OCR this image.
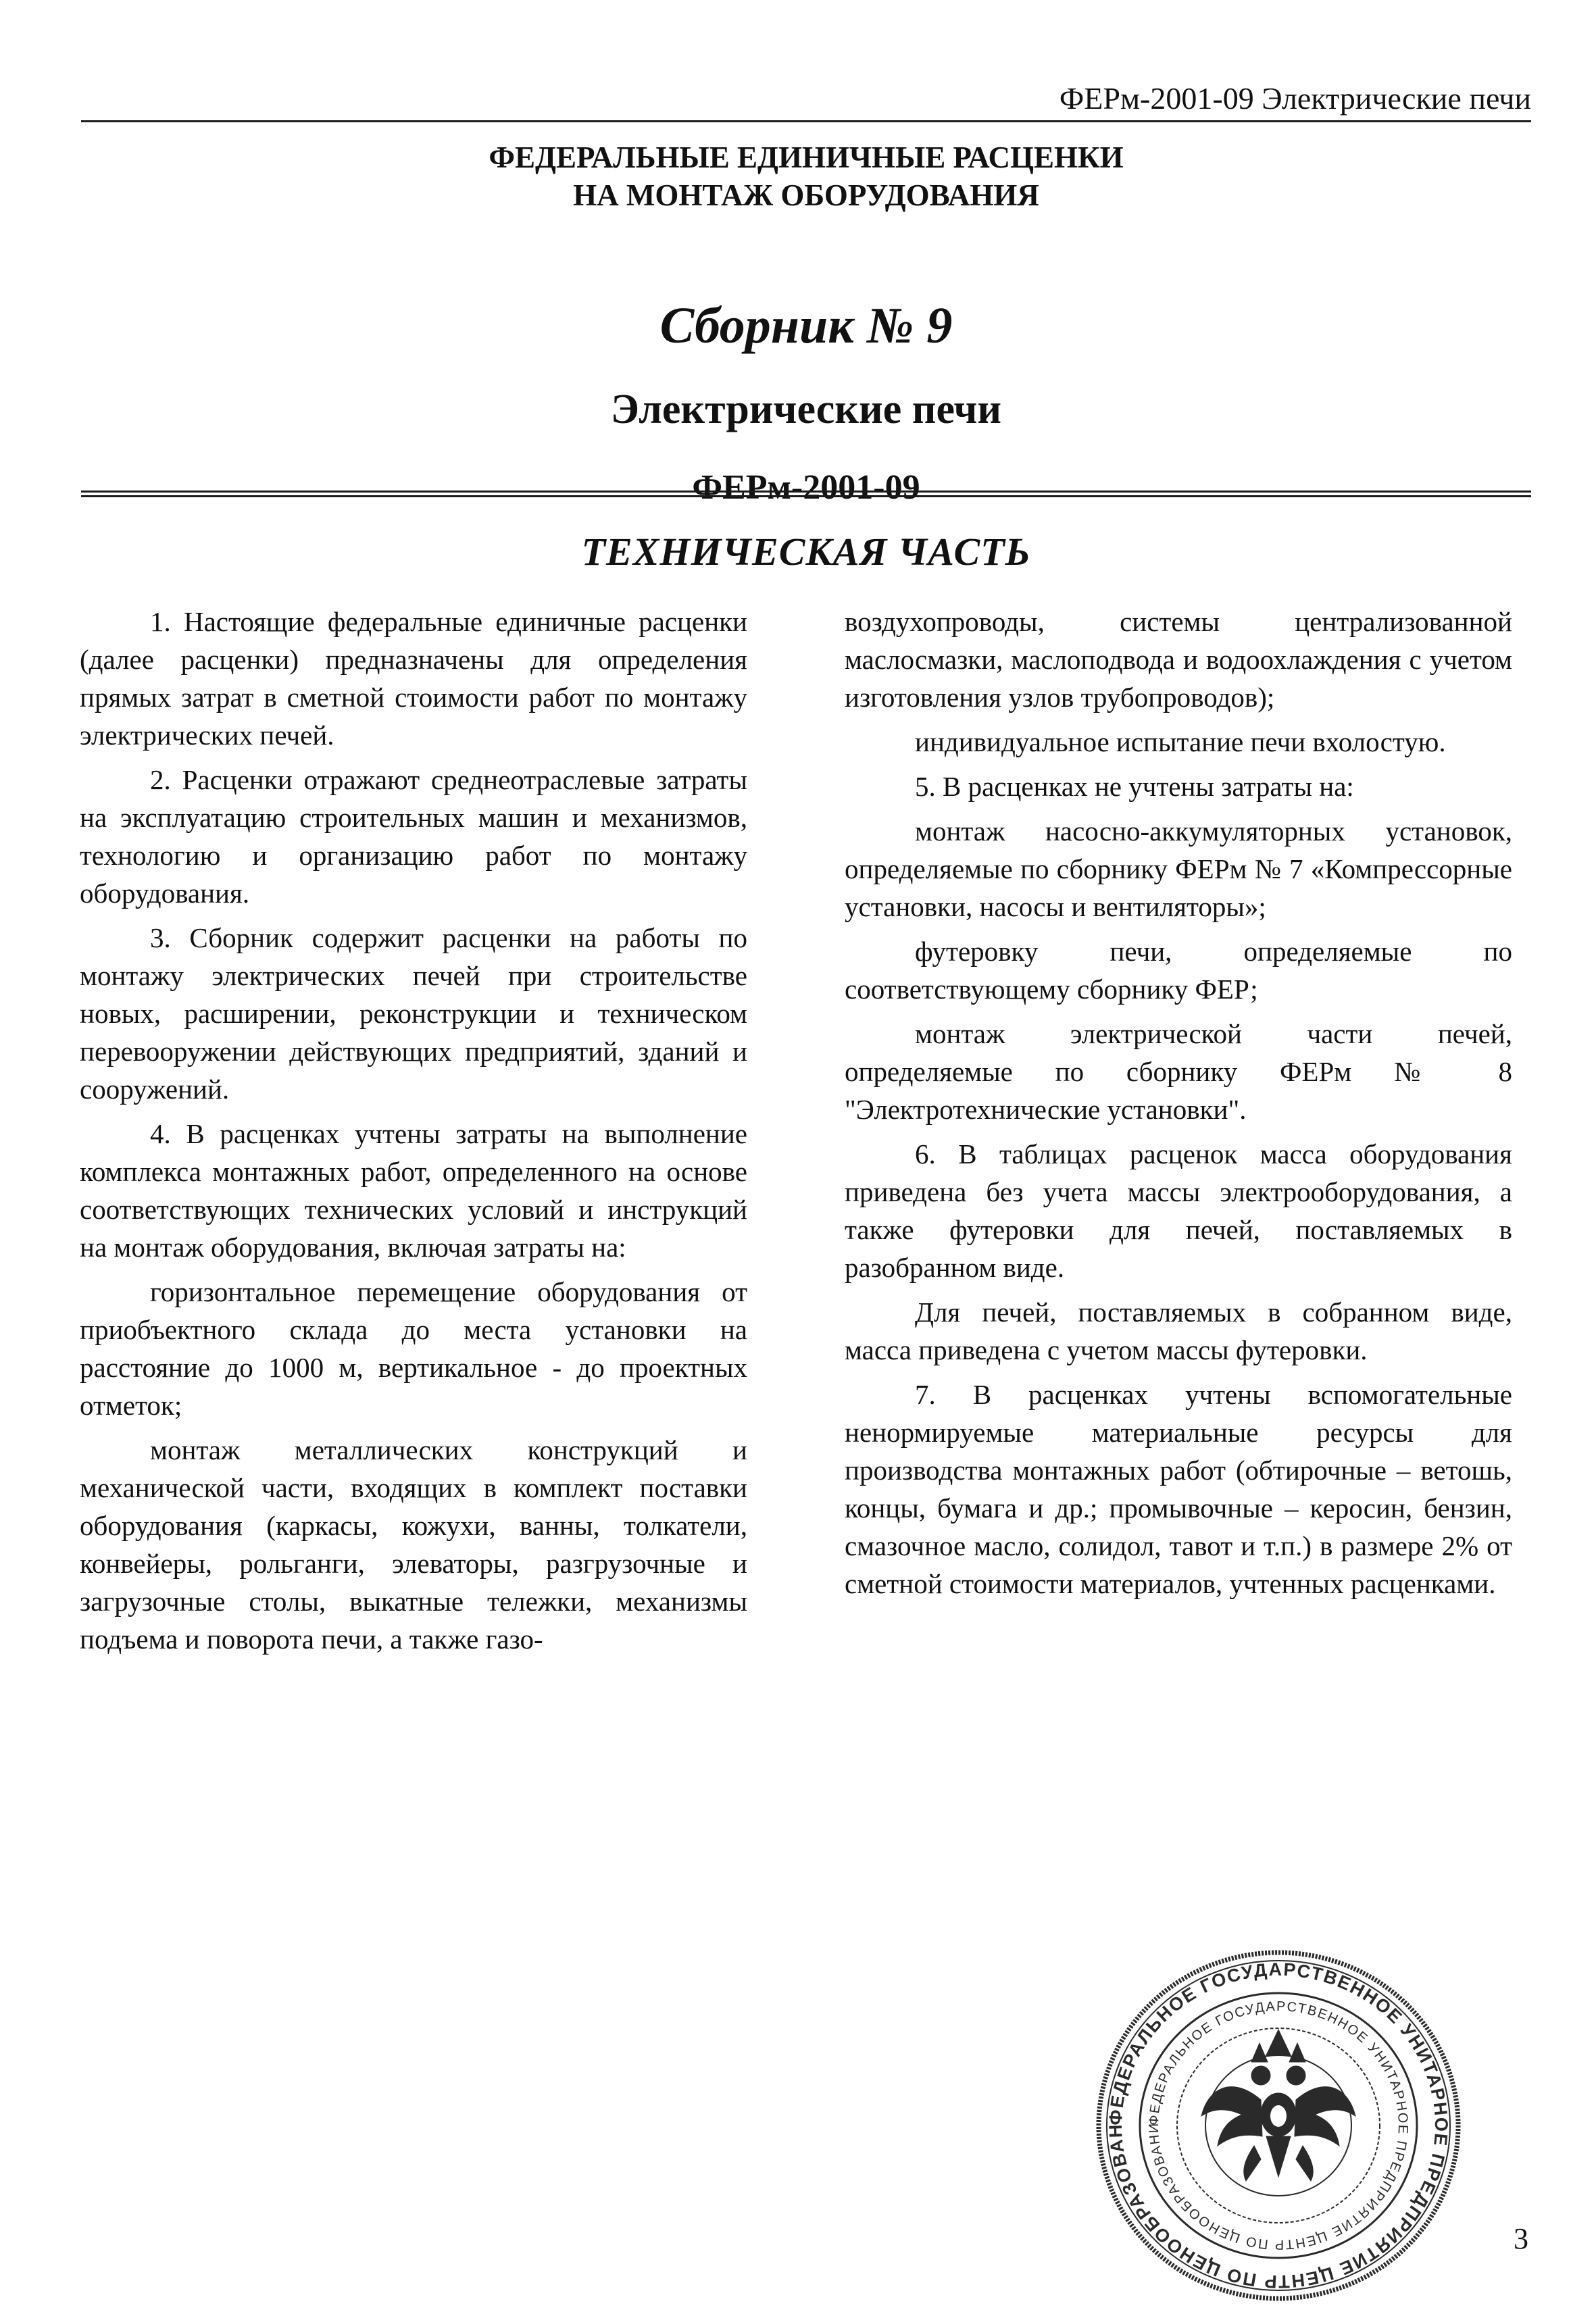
ФЕРм-2001-09 Электрические печи
ФЕДЕРАЛЬНЫЕ ЕДИНИЧНЫЕ РАСЦЕНКИ
НА МОНТАЖ ОБОРУДОВАНИЯ
Сборник № 9
Электрические печи
ФЕРм-2001-09
ТЕХНИЧЕСКАЯ ЧАСТЬ

1. Настоящие федеральные единичные расценки (далее расценки) предназначены для определения прямых затрат в сметной стоимости работ по монтажу электрических печей.

2. Расценки отражают среднеотраслевые затраты на эксплуатацию строительных машин и механизмов, технологию и организацию работ по монтажу оборудования.

3. Сборник содержит расценки на работы по монтажу электрических печей при строительстве новых, расширении, реконструкции и техническом перевооружении действующих предприятий, зданий и сооружений.

4. В расценках учтены затраты на выполнение комплекса монтажных работ, определенного на основе соответствующих технических условий и инструкций на монтаж оборудования, включая затраты на:

горизонтальное перемещение оборудования от приобъектного склада до места установки на расстояние до 1000 м, вертикальное - до проектных отметок;

монтаж металлических конструкций и механической части, входящих в комплект поставки оборудования (каркасы, кожухи, ванны, толкатели, конвейеры, рольганги, элеваторы, разгрузочные и загрузочные столы, выкатные тележки, механизмы подъема и поворота печи, а также газо-

воздухопроводы, системы централизованной маслосмазки, маслоподвода и водоохлаждения с учетом изготовления узлов трубопроводов);

индивидуальное испытание печи вхолостую.

5. В расценках не учтены затраты на:

монтаж насосно-аккумуляторных установок, определяемые по сборнику ФЕРм № 7 «Компрессорные установки, насосы и вентиляторы»;

футеровку печи, определяемые по соответствующему сборнику ФЕР;

монтаж электрической части печей, определяемые по сборнику ФЕРм № 8 "Электротехнические установки".

6. В таблицах расценок масса оборудования приведена без учета массы электрооборудования, а также футеровки для печей, поставляемых в разобранном виде.

Для печей, поставляемых в собранном виде, масса приведена с учетом массы футеровки.

7. В расценках учтены вспомогательные ненормируемые материальные ресурсы для производства монтажных работ (обтирочные – ветошь, концы, бумага и др.; промывочные – керосин, бензин, смазочное масло, солидол, тавот и т.п.) в размере 2% от сметной стоимости материалов, учтенных расценками.

ФЕДЕРАЛЬНОЕ ГОСУДАРСТВЕННОЕ УНИТАРНОЕ ПРЕДПРИЯТИЕ ЦЕНТР ПО ЦЕНООБРАЗОВАН
ФЕДЕРАЛЬНОЕ ГОСУДАРСТВЕННОЕ УНИТАРНОЕ ПРЕДПРИЯТИЕ ЦЕНТР ПО ЦЕНООБРАЗОВАНИ
3
